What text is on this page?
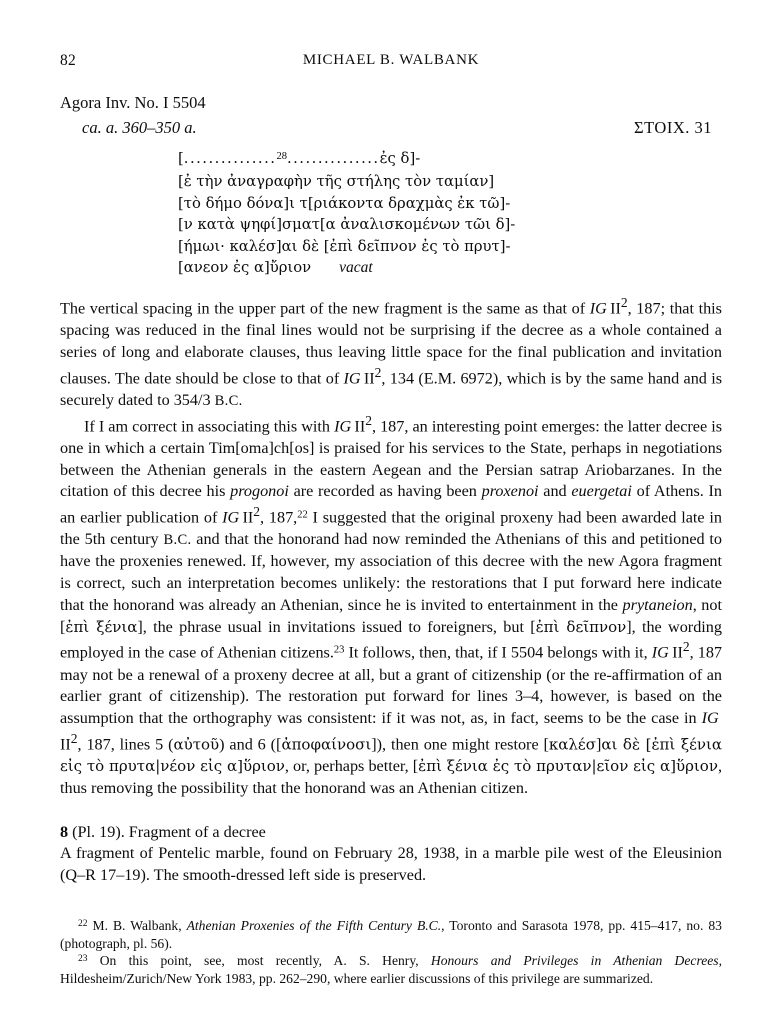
82	MICHAEL B. WALBANK
Agora Inv. No. I 5504
ca. a. 360–350 a.	ΣTOIX. 31
[. . . . . . . . . . . . . . . $^{28}$. . . . . . . . . . . . . . . ἐς δ]-
[ἐ τὴν ἀναγραφὴν τῆς στήλης τὸν ταμίαν]
[τὸ δήμο δόνα]ι τ[ριάκοντα δραχμὰς ἐκ τῶ]-
[ν κατὰ ψηφί]σματ[α ἀναλισκομένων τῶι δ]-
[ήμωι· καλέσ]αι δὲ [ἐπὶ δεῖπνον ἐς τὸ πρυτ]-
[ανεον ἐς α]ὔριον vacat

The vertical spacing in the upper part of the new fragment is the same as that of IG $II^2$, 187; that this spacing was reduced in the final lines would not be surprising if the decree as a whole contained a series of long and elaborate clauses, thus leaving little space for the final publication and invitation clauses. The date should be close to that of IG $II^2$, 134 (E.M. 6972), which is by the same hand and is securely dated to 354/3 B.C.

If I am correct in associating this with IG $II^2$, 187, an interesting point emerges: the latter decree is one in which a certain Tim[oma]ch[os] is praised for his services to the State, perhaps in negotiations between the Athenian generals in the eastern Aegean and the Persian satrap Ariobarzanes. In the citation of this decree his progonoi are recorded as having been proxenoi and euergetai of Athens. In an earlier publication of IG $II^2$, 187,22 I suggested that the original proxeny had been awarded late in the 5th century B.C. and that the honorand had now reminded the Athenians of this and petitioned to have the proxenies renewed. If, however, my association of this decree with the new Agora fragment is correct, such an interpretation becomes unlikely: the restorations that I put forward here indicate that the honorand was already an Athenian, since he is invited to entertainment in the prytaneion, not [ἐπὶ ξένια], the phrase usual in invitations issued to foreigners, but [ἐπὶ δεῖπνον], the wording employed in the case of Athenian citizens.$^{23}$ It follows, then, that, if I 5504 belongs with it, IG $II^2$, 187 may not be a renewal of a proxeny decree at all, but a grant of citizenship (or the re-affirmation of an earlier grant of citizenship). The restoration put forward for lines 3–4, however, is based on the assumption that the orthography was consistent: if it was not, as, in fact, seems to be the case in IG $II^2$, 187, lines 5 (αὐτοῦ) and 6 ([ἀποφαίνοσι]), then one might restore [καλέσ]αι δὲ [ἐπὶ ξένια εἰς τὸ πρυτα|νέον εἰς α]ὕριον, or, perhaps better, [ἐπὶ ξένια ἐς τὸ πρυταν|εῖον εἰς α]ὕριον, thus removing the possibility that the honorand was an Athenian citizen.

8 (Pl. 19). Fragment of a decree

A fragment of Pentelic marble, found on February 28, 1938, in a marble pile west of the Eleusinion (Q–R 17–19). The smooth-dressed left side is preserved.

$^{22}$ M. B. Walbank, Athenian Proxenies of the Fifth Century B.C., Toronto and Sarasota 1978, pp. 415–417, no. 83 (photograph, pl. 56).

$^{23}$ On this point, see, most recently, A. S. Henry, Honours and Privileges in Athenian Decrees, Hildesheim/Zurich/New York 1983, pp. 262–290, where earlier discussions of this privilege are summarized.
